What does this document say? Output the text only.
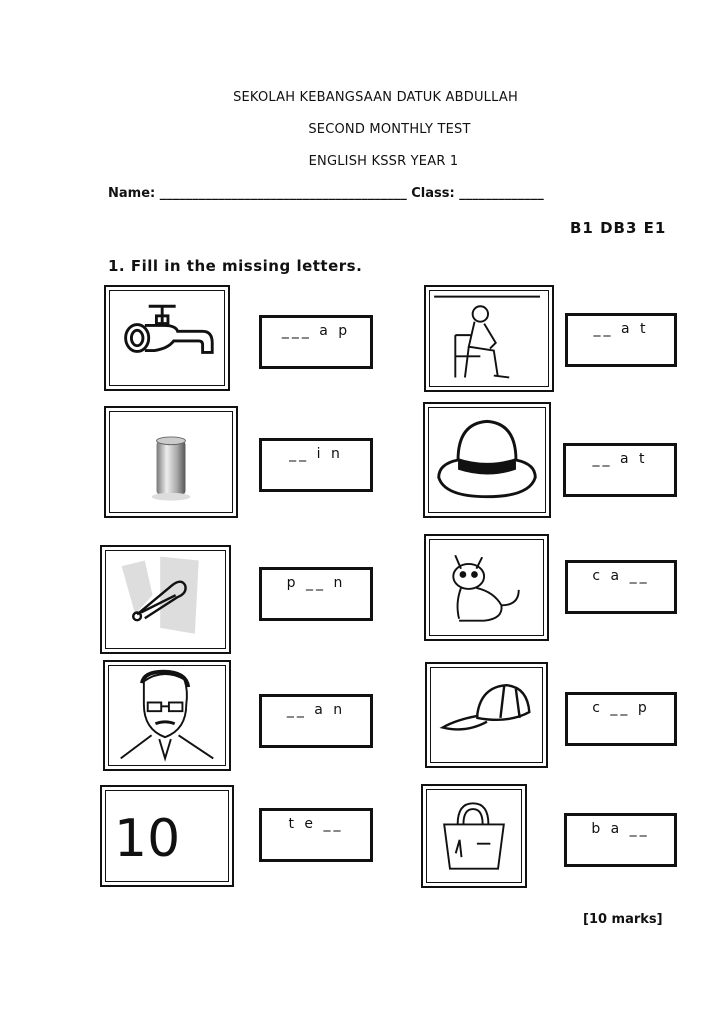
SEKOLAH KEBANGSAAN DATUK ABDULLAH
SECOND MONTHLY TEST
ENGLISH KSSR YEAR 1
Name: ______________________________________ Class: _____________
B1 DB3 E1
1. Fill in the missing letters.
___ a p	__ a t
__ i n	__ a t
p __ n	c a __
__ a n	c __ p
10	t e __	b a __
[10 marks]
